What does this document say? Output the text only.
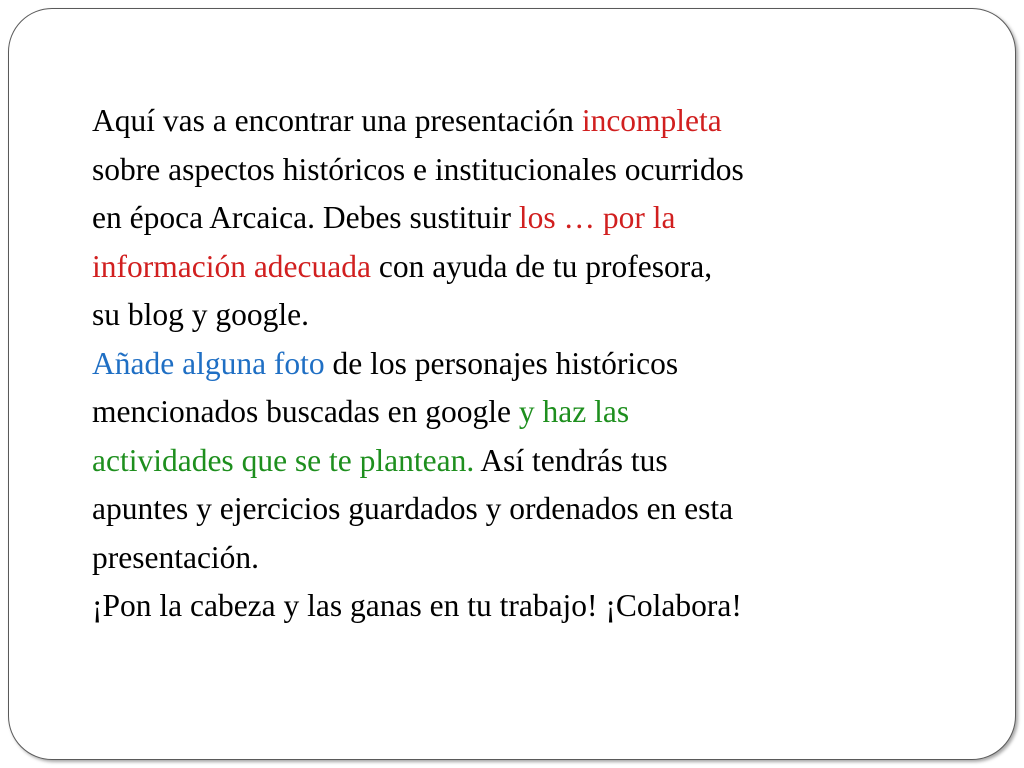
Aquí vas a encontrar una presentación incompleta
sobre aspectos históricos e institucionales ocurridos
en época Arcaica. Debes sustituir los … por la
información adecuada con ayuda de tu profesora,
su blog y google.
Añade alguna foto de los personajes históricos
mencionados buscadas en google y haz las
actividades que se te plantean. Así tendrás tus
apuntes y ejercicios guardados y ordenados en esta
presentación.
¡Pon la cabeza y las ganas en tu trabajo! ¡Colabora!
